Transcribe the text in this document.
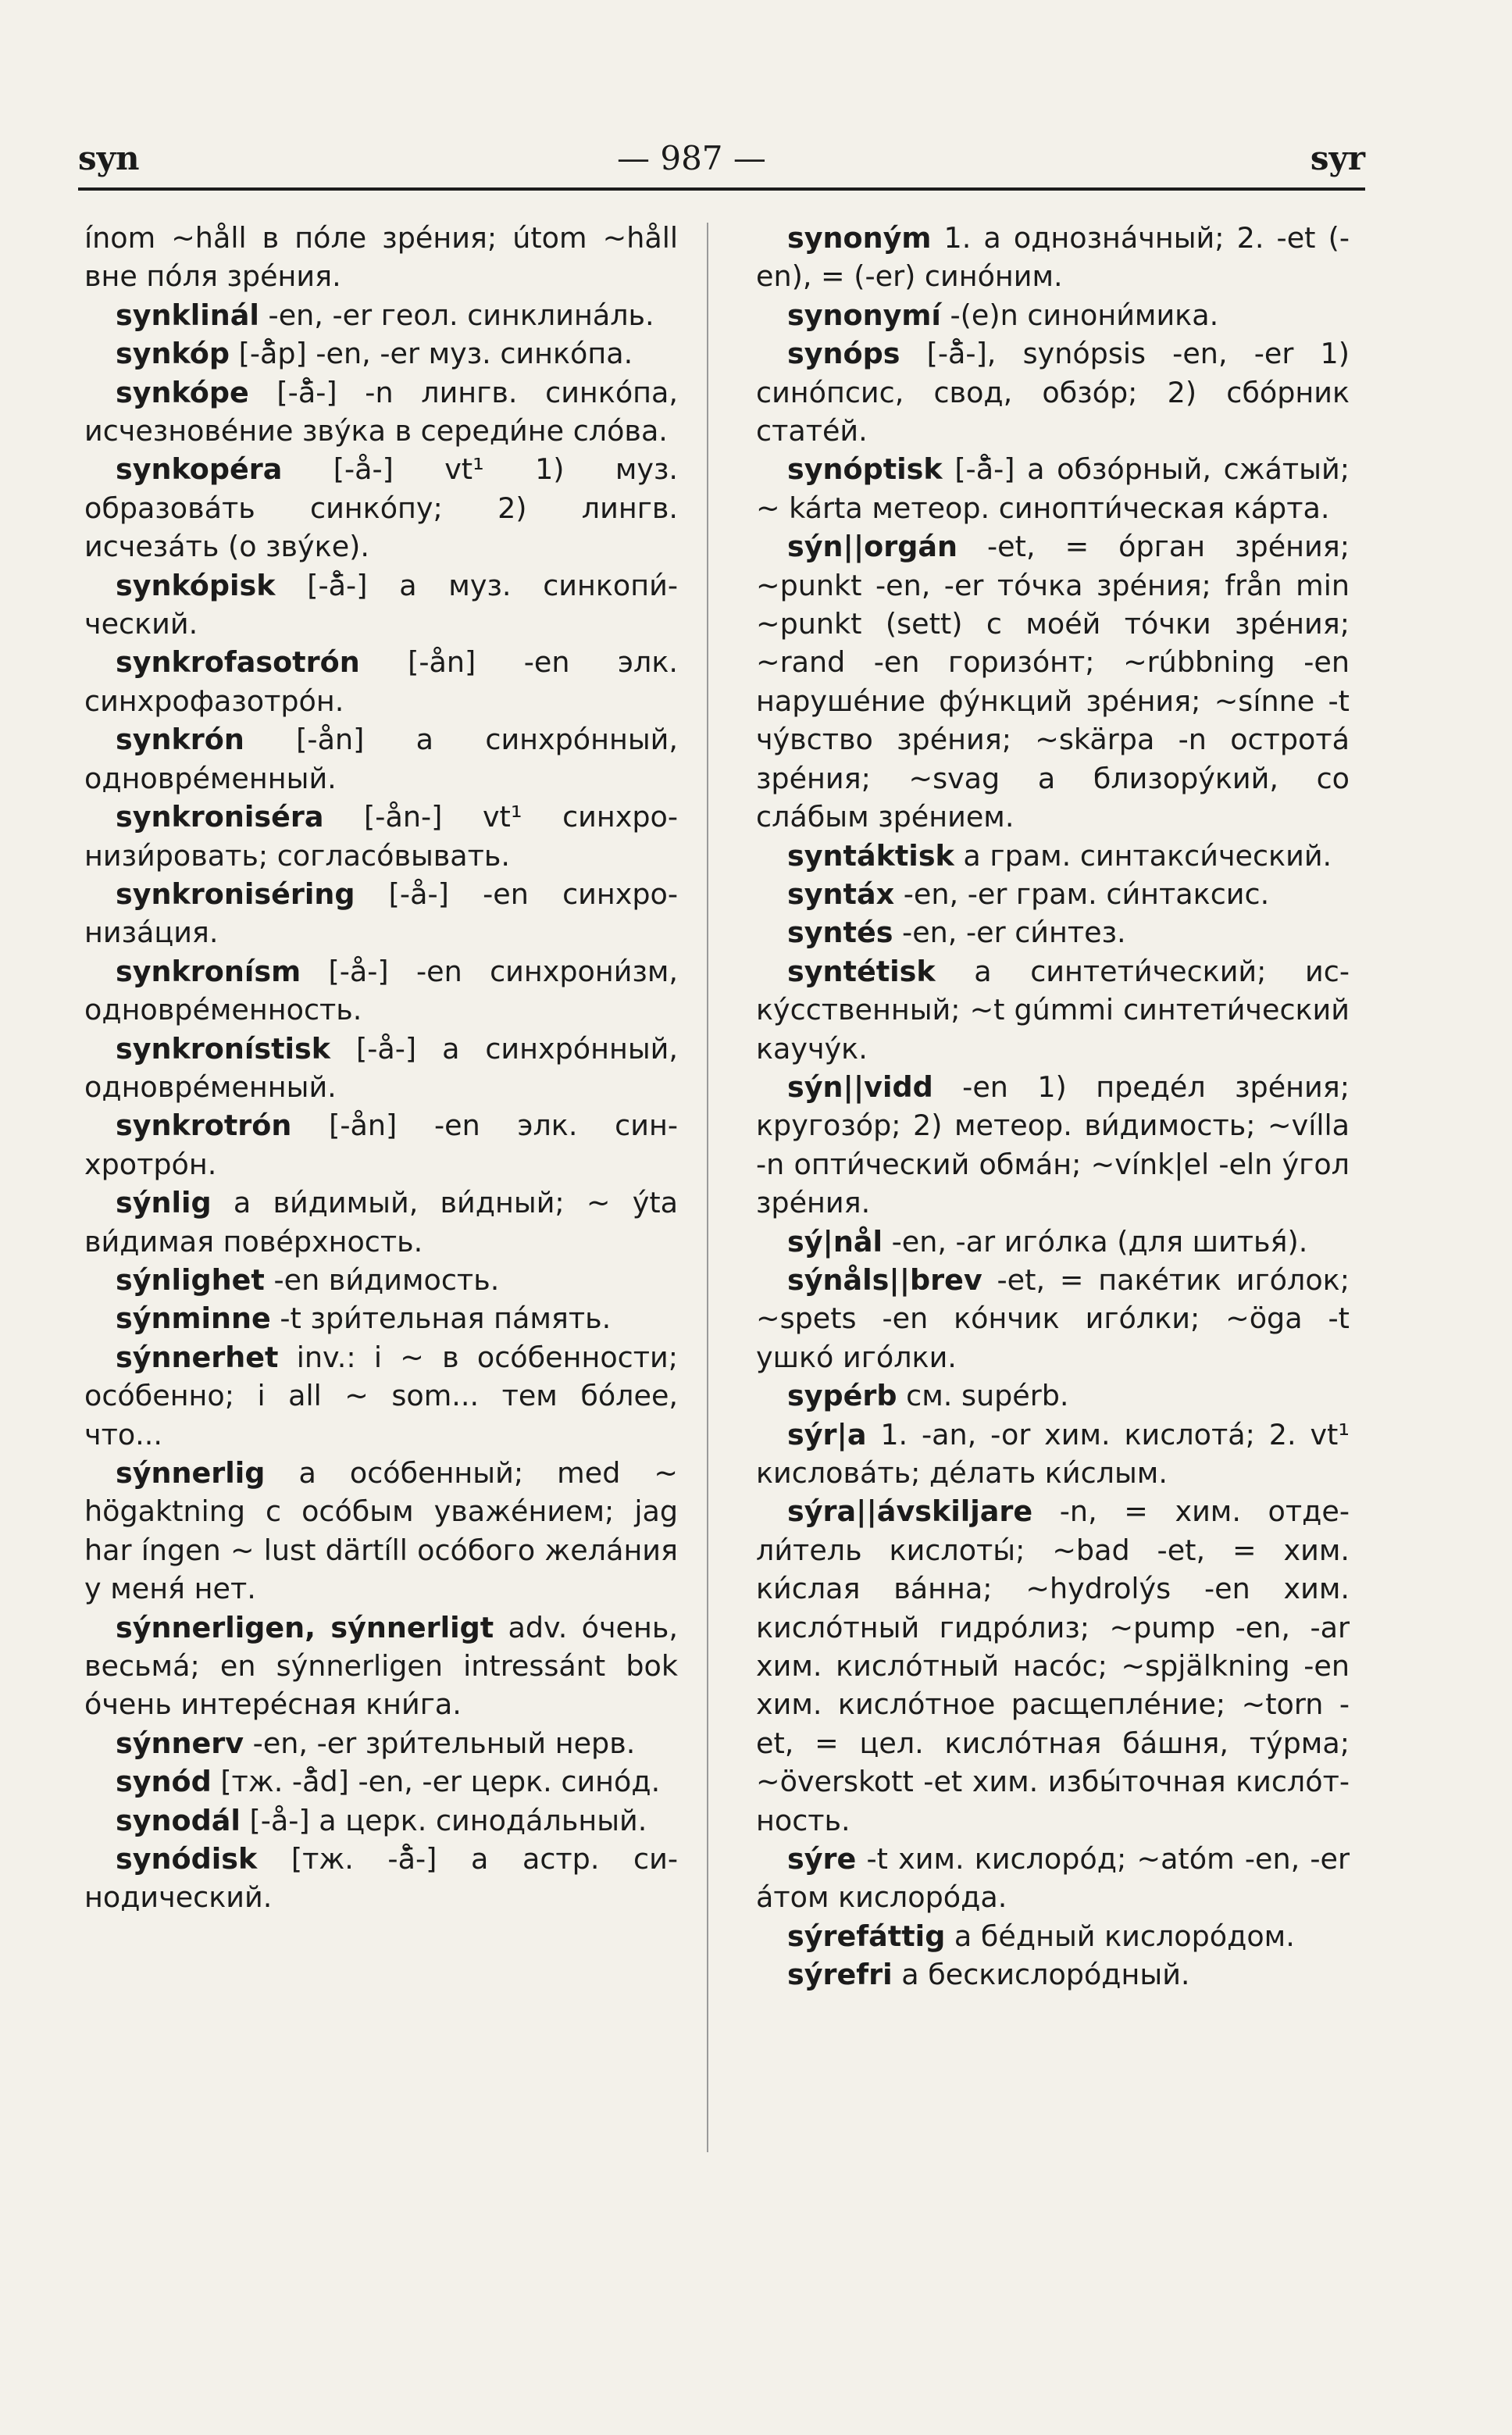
syn	— 987 —	syr

ínom ~håll в по́ле зре́ния; útom ~håll вне по́ля зре́ния.

synklinál -en, -er геол. синклина́ль.

synkóp [-å̄p] -en, -er муз. синко́па.

synkópe [-å̄-] -n лингв. синко́па, исчезнове́ние зву́ка в середи́не сло́ва.

synkopéra [-å-] vt¹ 1) муз. образова́ть синко́пу; 2) лингв. исчеза́ть (о зву́ке).

synkópisk [-å̄-] a муз. синкопи́ческий.

synkrofasotrón [-ån] -en элк. синхрофазотро́н.

synkrón [-ån] a синхро́нный, одновре́менный.

synkroniséra [-ån-] vt¹ синхронизи́ровать; согласо́вывать.

synkroniséring [-å-] -en синхрониза́ция.

synkronísm [-å-] -en синхрони́зм, одновре́менность.

synkronístisk [-å-] a синхро́нный, одновре́менный.

synkrotrón [-ån] -en элк. синхротро́н.

sýnlig a ви́димый, ви́дный; ~ ýta ви́димая пове́рхность.

sýnlighet -en ви́димость.

sýnminne -t зри́тельная па́мять.

sýnnerhet inv.: i ~ в осо́бенности; осо́бенно; i all ~ som... тем бо́лее, что...

sýnnerlig a осо́бенный; med ~ högaktning с осо́бым уваже́нием; jag har íngen ~ lust därtíll осо́бого жела́ния у меня́ нет.

sýnnerligen, sýnnerligt adv. о́чень, весьма́; en sýnnerligen intressánt bok о́чень интере́сная кни́га.

sýnnerv -en, -er зри́тельный нерв.

synód [тж. -å̄d] -en, -er церк. сино́д.

synodál [-å-] a церк. синода́льный.

synódisk [тж. -å̄-] a астр. синодический.

synoným 1. a однозна́чный; 2. -et (-en), = (-er) сино́ним.

synonymí -(e)n синони́мика.

synóps [-å̄-], synópsis -en, -er 1) сино́псис, свод, обзо́р; 2) сбо́рник стате́й.

synóptisk [-å̄-] a обзо́рный, сжа́тый; ~ kárta метеор. синопти́ческая ка́рта.

sýn||orgán -et, = о́рган зре́ния; ~punkt -en, -er то́чка зре́ния; från min ~punkt (sett) с мое́й то́чки зре́ния; ~rand -en горизо́нт; ~rúbbning -en наруше́ние фу́нкций зре́ния; ~sínne -t чу́вство зре́ния; ~skärpa -n острота́ зре́ния; ~svag a близору́кий, со сла́бым зре́нием.

syntáktisk a грам. синтакси́ческий.

syntáx -en, -er грам. си́нтаксис.

syntés -en, -er си́нтез.

syntétisk a синтети́ческий; иску́сственный; ~t gúmmi синтети́ческий каучу́к.

sýn||vidd -en 1) преде́л зре́ния; кругозо́р; 2) метеор. ви́димость; ~vílla -n опти́ческий обма́н; ~vínk|el -eln у́гол зре́ния.

sý|nål -en, -ar иго́лка (для шитья́).

sýnåls||brev -et, = пакéтик иго́лок; ~spets -en ко́нчик иго́лки; ~öga -t ушко́ иго́лки.

sypérb см. supérb.

sýr|a 1. -an, -or хим. кислота́; 2. vt¹ кислова́ть; де́лать ки́слым.

sýra||ávskiljare -n, = хим. отдели́тель кислоты́; ~bad -et, = хим. ки́слая ва́нна; ~hydrolýs -en хим. кисло́тный гидро́лиз; ~pump -en, -ar хим. кисло́тный насо́с; ~spjälkning -en хим. кисло́тное расщепле́ние; ~torn -et, = цел. кисло́тная ба́шня, ту́рма; ~överskott -et хим. избы́точная кисло́тность.

sýre -t хим. кислоро́д; ~atóm -en, -er а́том кислоро́да.

sýrefáttig a бе́дный кислоро́дом.

sýrefri a бескислоро́дный.
